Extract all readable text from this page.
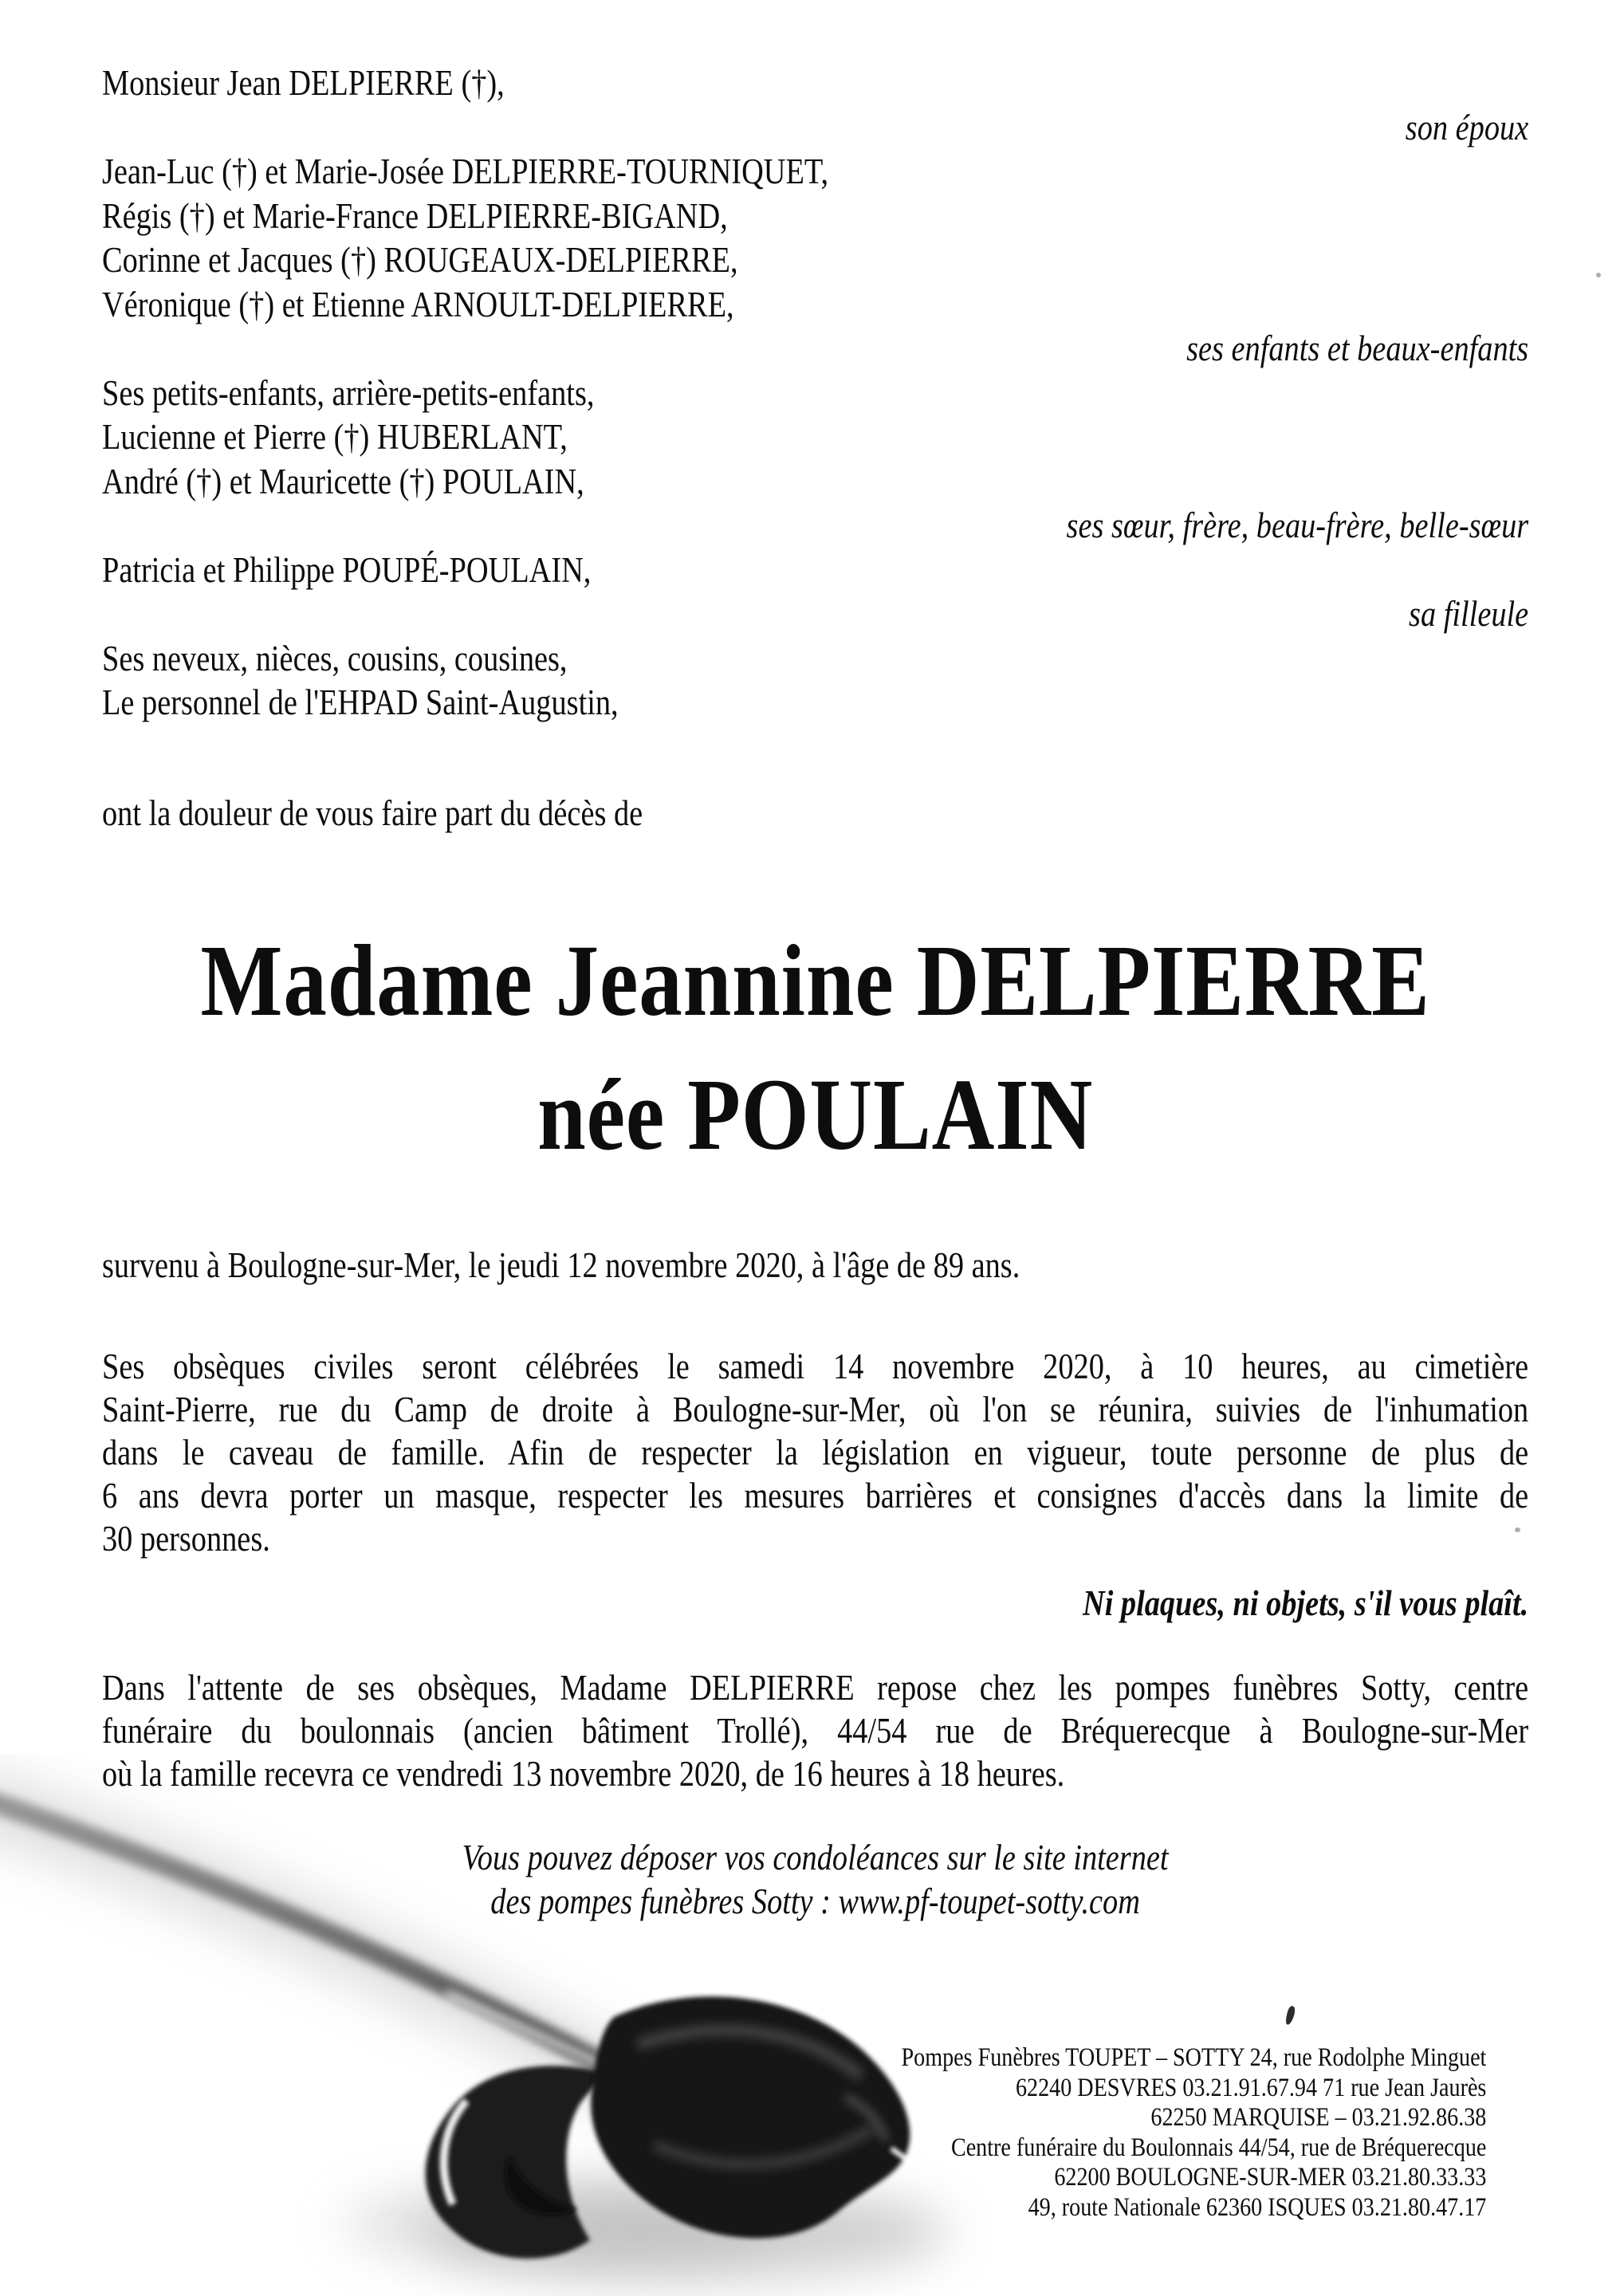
Monsieur Jean DELPIERRE (†),
son époux
Jean-Luc (†) et Marie-Josée DELPIERRE-TOURNIQUET,
Régis (†) et Marie-France DELPIERRE-BIGAND,
Corinne et Jacques (†) ROUGEAUX-DELPIERRE,
Véronique (†) et Etienne ARNOULT-DELPIERRE,
ses enfants et beaux-enfants
Ses petits-enfants, arrière-petits-enfants,
Lucienne et Pierre (†) HUBERLANT,
André (†) et Mauricette (†) POULAIN,
ses sœur, frère, beau-frère, belle-sœur
Patricia et Philippe POUPÉ-POULAIN,
sa filleule
Ses neveux, nièces, cousins, cousines,
Le personnel de l'EHPAD Saint-Augustin,
ont la douleur de vous faire part du décès de
Madame Jeannine DELPIERRE
née POULAIN
survenu à Boulogne-sur-Mer, le jeudi 12 novembre 2020, à l'âge de 89 ans.
Ses obsèques civiles seront célébrées le samedi 14 novembre 2020, à 10 heures, au cimetière
Saint-Pierre, rue du Camp de droite à Boulogne-sur-Mer, où l'on se réunira, suivies de l'inhumation
dans le caveau de famille. Afin de respecter la législation en vigueur, toute personne de plus de
6 ans devra porter un masque, respecter les mesures barrières et consignes d'accès dans la limite de
30 personnes.
Ni plaques, ni objets, s'il vous plaît.
Dans l'attente de ses obsèques, Madame DELPIERRE repose chez les pompes funèbres Sotty, centre
funéraire du boulonnais (ancien bâtiment Trollé), 44/54 rue de Bréquerecque à Boulogne-sur-Mer
où la famille recevra ce vendredi 13 novembre 2020, de 16 heures à 18 heures.
Vous pouvez déposer vos condoléances sur le site internet
des pompes funèbres Sotty : www.pf-toupet-sotty.com
Pompes Funèbres TOUPET – SOTTY 24, rue Rodolphe Minguet
62240 DESVRES 03.21.91.67.94 71 rue Jean Jaurès
62250 MARQUISE – 03.21.92.86.38
Centre funéraire du Boulonnais 44/54, rue de Bréquerecque
62200 BOULOGNE-SUR-MER 03.21.80.33.33
49, route Nationale 62360 ISQUES 03.21.80.47.17
